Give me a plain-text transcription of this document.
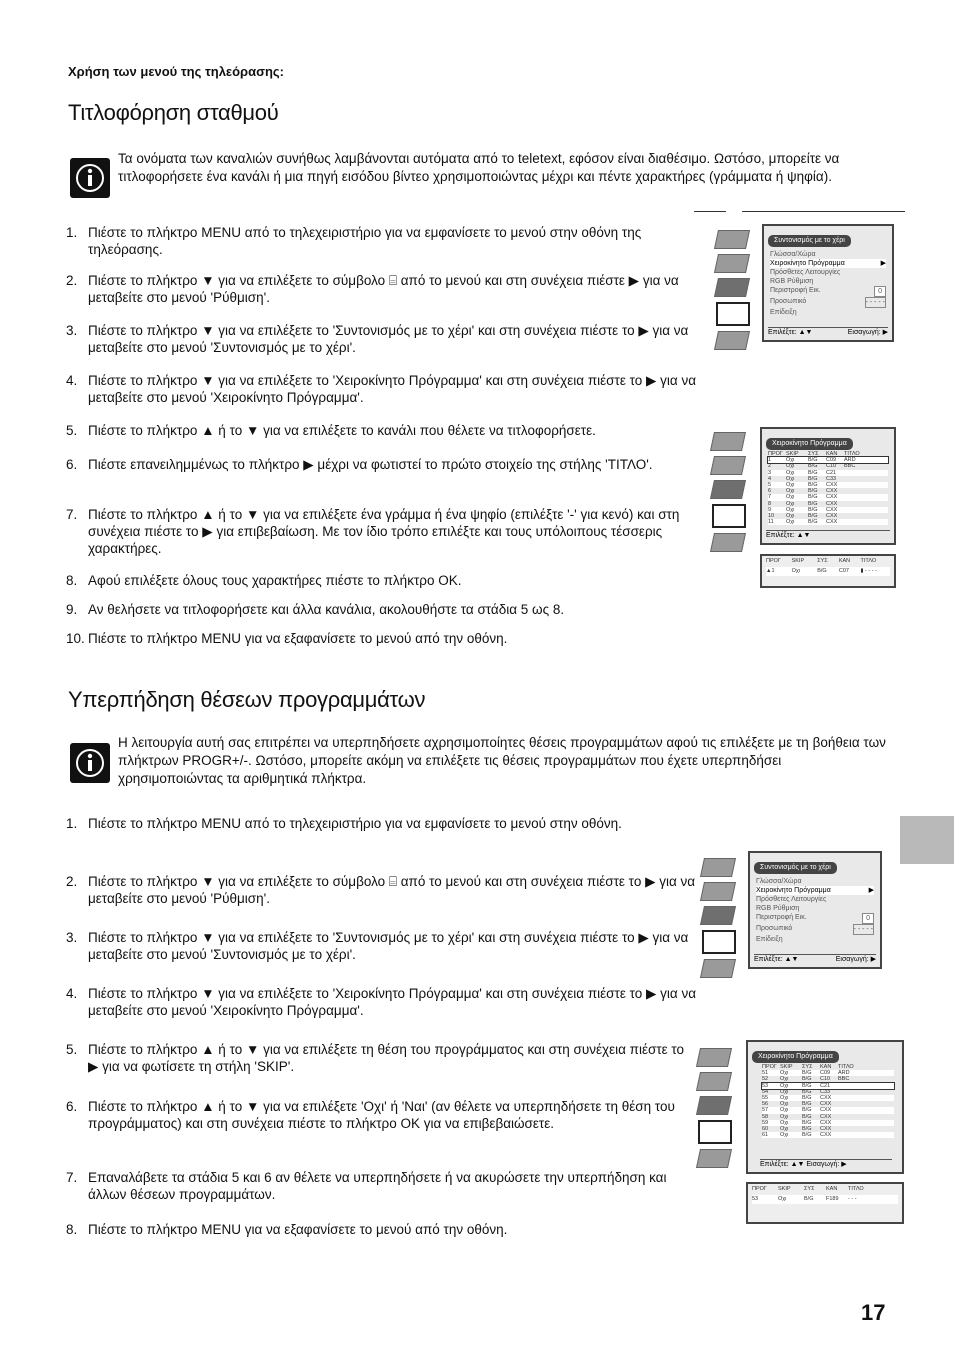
Χρήση των μενού της τηλεόρασης:
Τιτλοφόρηση σταθμού
Τα ονόματα των καναλιών συνήθως λαμβάνονται αυτόματα από το teletext, εφόσον είναι διαθέσιμο. Ωστόσο, μπορείτε να τιτλοφορήσετε ένα κανάλι ή μια πηγή εισόδου βίντεο χρησιμοποιώντας μέχρι και πέντε χαρακτήρες (γράμματα ή ψηφία).
1. Πιέστε το πλήκτρο MENU από το τηλεχειριστήριο για να εμφανίσετε το μενού στην οθόνη της τηλεόρασης.
2. Πιέστε το πλήκτρο ▼ για να επιλέξετε το σύμβολο ⌸ από το μενού και στη συνέχεια πιέστε ▶ για να μεταβείτε στο μενού 'Ρύθμιση'.
3. Πιέστε το πλήκτρο ▼ για να επιλέξετε το 'Συντονισμός με το χέρι' και στη συνέχεια πιέστε το ▶ για να μεταβείτε στο μενού 'Συντονισμός με το χέρι'.
4. Πιέστε το πλήκτρο ▼ για να επιλέξετε το 'Χειροκίνητο Πρόγραμμα' και στη συνέχεια πιέστε το ▶ για να μεταβείτε στο μενού 'Χειροκίνητο Πρόγραμμα'.
5. Πιέστε το πλήκτρο ▲ ή το ▼ για να επιλέξετε το κανάλι που θέλετε να τιτλοφορήσετε.
6. Πιέστε επανειλημμένως το πλήκτρο ▶ μέχρι να φωτιστεί το πρώτο στοιχείο της στήλης 'ΤΙΤΛΟ'.
7. Πιέστε το πλήκτρο ▲ ή το ▼ για να επιλέξετε ένα γράμμα ή ένα ψηφίο (επιλέξτε '-' για κενό) και στη συνέχεια πιέστε το ▶ για επιβεβαίωση. Με τον ίδιο τρόπο επιλέξτε και τους υπόλοιπους τέσσερις χαρακτήρες.
8. Αφού επιλέξετε όλους τους χαρακτήρες πιέστε το πλήκτρο OK.
9. Αν θελήσετε να τιτλοφορήσετε και άλλα κανάλια, ακολουθήστε τα στάδια 5 ως 8.
10. Πιέστε το πλήκτρο MENU για να εξαφανίσετε το μενού από την οθόνη.
Υπερπήδηση θέσεων προγραμμάτων
Η λειτουργία αυτή σας επιτρέπει να υπερπηδήσετε αχρησιμοποίητες θέσεις προγραμμάτων αφού τις επιλέξετε με τη βοήθεια των πλήκτρων PROGR+/-. Ωστόσο, μπορείτε ακόμη να επιλέξετε τις θέσεις προγραμμάτων που έχετε υπερπηδήσει χρησιμοποιώντας τα αριθμητικά πλήκτρα.
1. Πιέστε το πλήκτρο MENU από το τηλεχειριστήριο για να εμφανίσετε το μενού στην οθόνη.
2. Πιέστε το πλήκτρο ▼ για να επιλέξετε το σύμβολο ⌸ από το μενού και στη συνέχεια πιέστε το ▶ για να μεταβείτε στο μενού 'Ρύθμιση'.
3. Πιέστε το πλήκτρο ▼ για να επιλέξετε το 'Συντονισμός με το χέρι' και στη συνέχεια πιέστε το ▶ για να μεταβείτε στο μενού 'Συντονισμός με το χέρι'.
4. Πιέστε το πλήκτρο ▼ για να επιλέξετε το 'Χειροκίνητο Πρόγραμμα' και στη συνέχεια πιέστε το ▶ για να μεταβείτε στο μενού 'Χειροκίνητο Πρόγραμμα'.
5. Πιέστε το πλήκτρο ▲ ή το ▼ για να επιλέξετε τη θέση του προγράμματος και στη συνέχεια πιέστε το ▶ για να φωτίσετε τη στήλη 'SKIP'.
6. Πιέστε το πλήκτρο ▲ ή το ▼ για να επιλέξετε 'Οχι' ή 'Ναι' (αν θέλετε να υπερπηδήσετε τη θέση του προγράμματος) και στη συνέχεια πιέστε το πλήκτρο OK για να επιβεβαιώσετε.
7. Επαναλάβετε τα στάδια 5 και 6 αν θέλετε να υπερπηδήσετε ή να ακυρώσετε την υπερπήδηση και άλλων θέσεων προγραμμάτων.
8. Πιέστε το πλήκτρο MENU για να εξαφανίσετε το μενού από την οθόνη.
17
Συντονισμός με το χέρι
Γλώσσα/Χώρα
Χειροκίνητο Πρόγραμμα	▶
Πρόσθετες Λειτουργίες
RGB Ρύθμιση
Περιστροφή Εικ.	0
Προσωπικό	- - - - -
Επίδειξη
Επιλέξτε: ▲▼	Εισαγωγή: ▶
Χειροκίνητο Πρόγραμμα
ΠΡΟΓ SKIP	ΣΥΣ	ΚΑΝ	ΤΙΤΛΟ
1	Οχι	B/G	C09	ARD
2	Οχι	B/G	C10	BBC
3	Οχι	B/G	C21
4	Οχι	B/G	C33
5	Οχι	B/G	CXX
6	Οχι	B/G	CXX
7	Οχι	B/G	CXX
8	Οχι	B/G	CXX
9	Οχι	B/G	CXX
10	Οχι	B/G	CXX
11	Οχι	B/G	CXX
Επιλέξτε: ▲▼
ΠΡΟΓ	SKIP	ΣΥΣ	ΚΑΝ	ΤΙΤΛΟ
▲1	Οχι	B/G	C07	▮ - - - -
Συντονισμός με το χέρι
Γλώσσα/Χώρα
Χειροκίνητο Πρόγραμμα	▶
Πρόσθετες Λειτουργίες
RGB Ρύθμιση
Περιστροφή Εικ.	0
Προσωπικό	- - - - -
Επίδειξη
Επιλέξτε: ▲▼	Εισαγωγή: ▶
Χειροκίνητο Πρόγραμμα
ΠΡΟΓ SKIP	ΣΥΣ	ΚΑΝ	ΤΙΤΛΟ
51	Οχι	B/G	C09	ARD
52	Οχι	B/G	C10	BBC
53	Οχι	B/G	C21
54	Οχι	B/G	C33
55	Οχι	B/G	CXX
56	Οχι	B/G	CXX
57	Οχι	B/G	CXX
58	Οχι	B/G	CXX
59	Οχι	B/G	CXX
60	Οχι	B/G	CXX
61	Οχι	B/G	CXX
Επιλέξτε: ▲▼ Εισαγωγή: ▶
ΠΡΟΓ	SKIP	ΣΥΣ	ΚΑΝ	ΤΙΤΛΟ
53	Οχι	B/G	F189	- - -
